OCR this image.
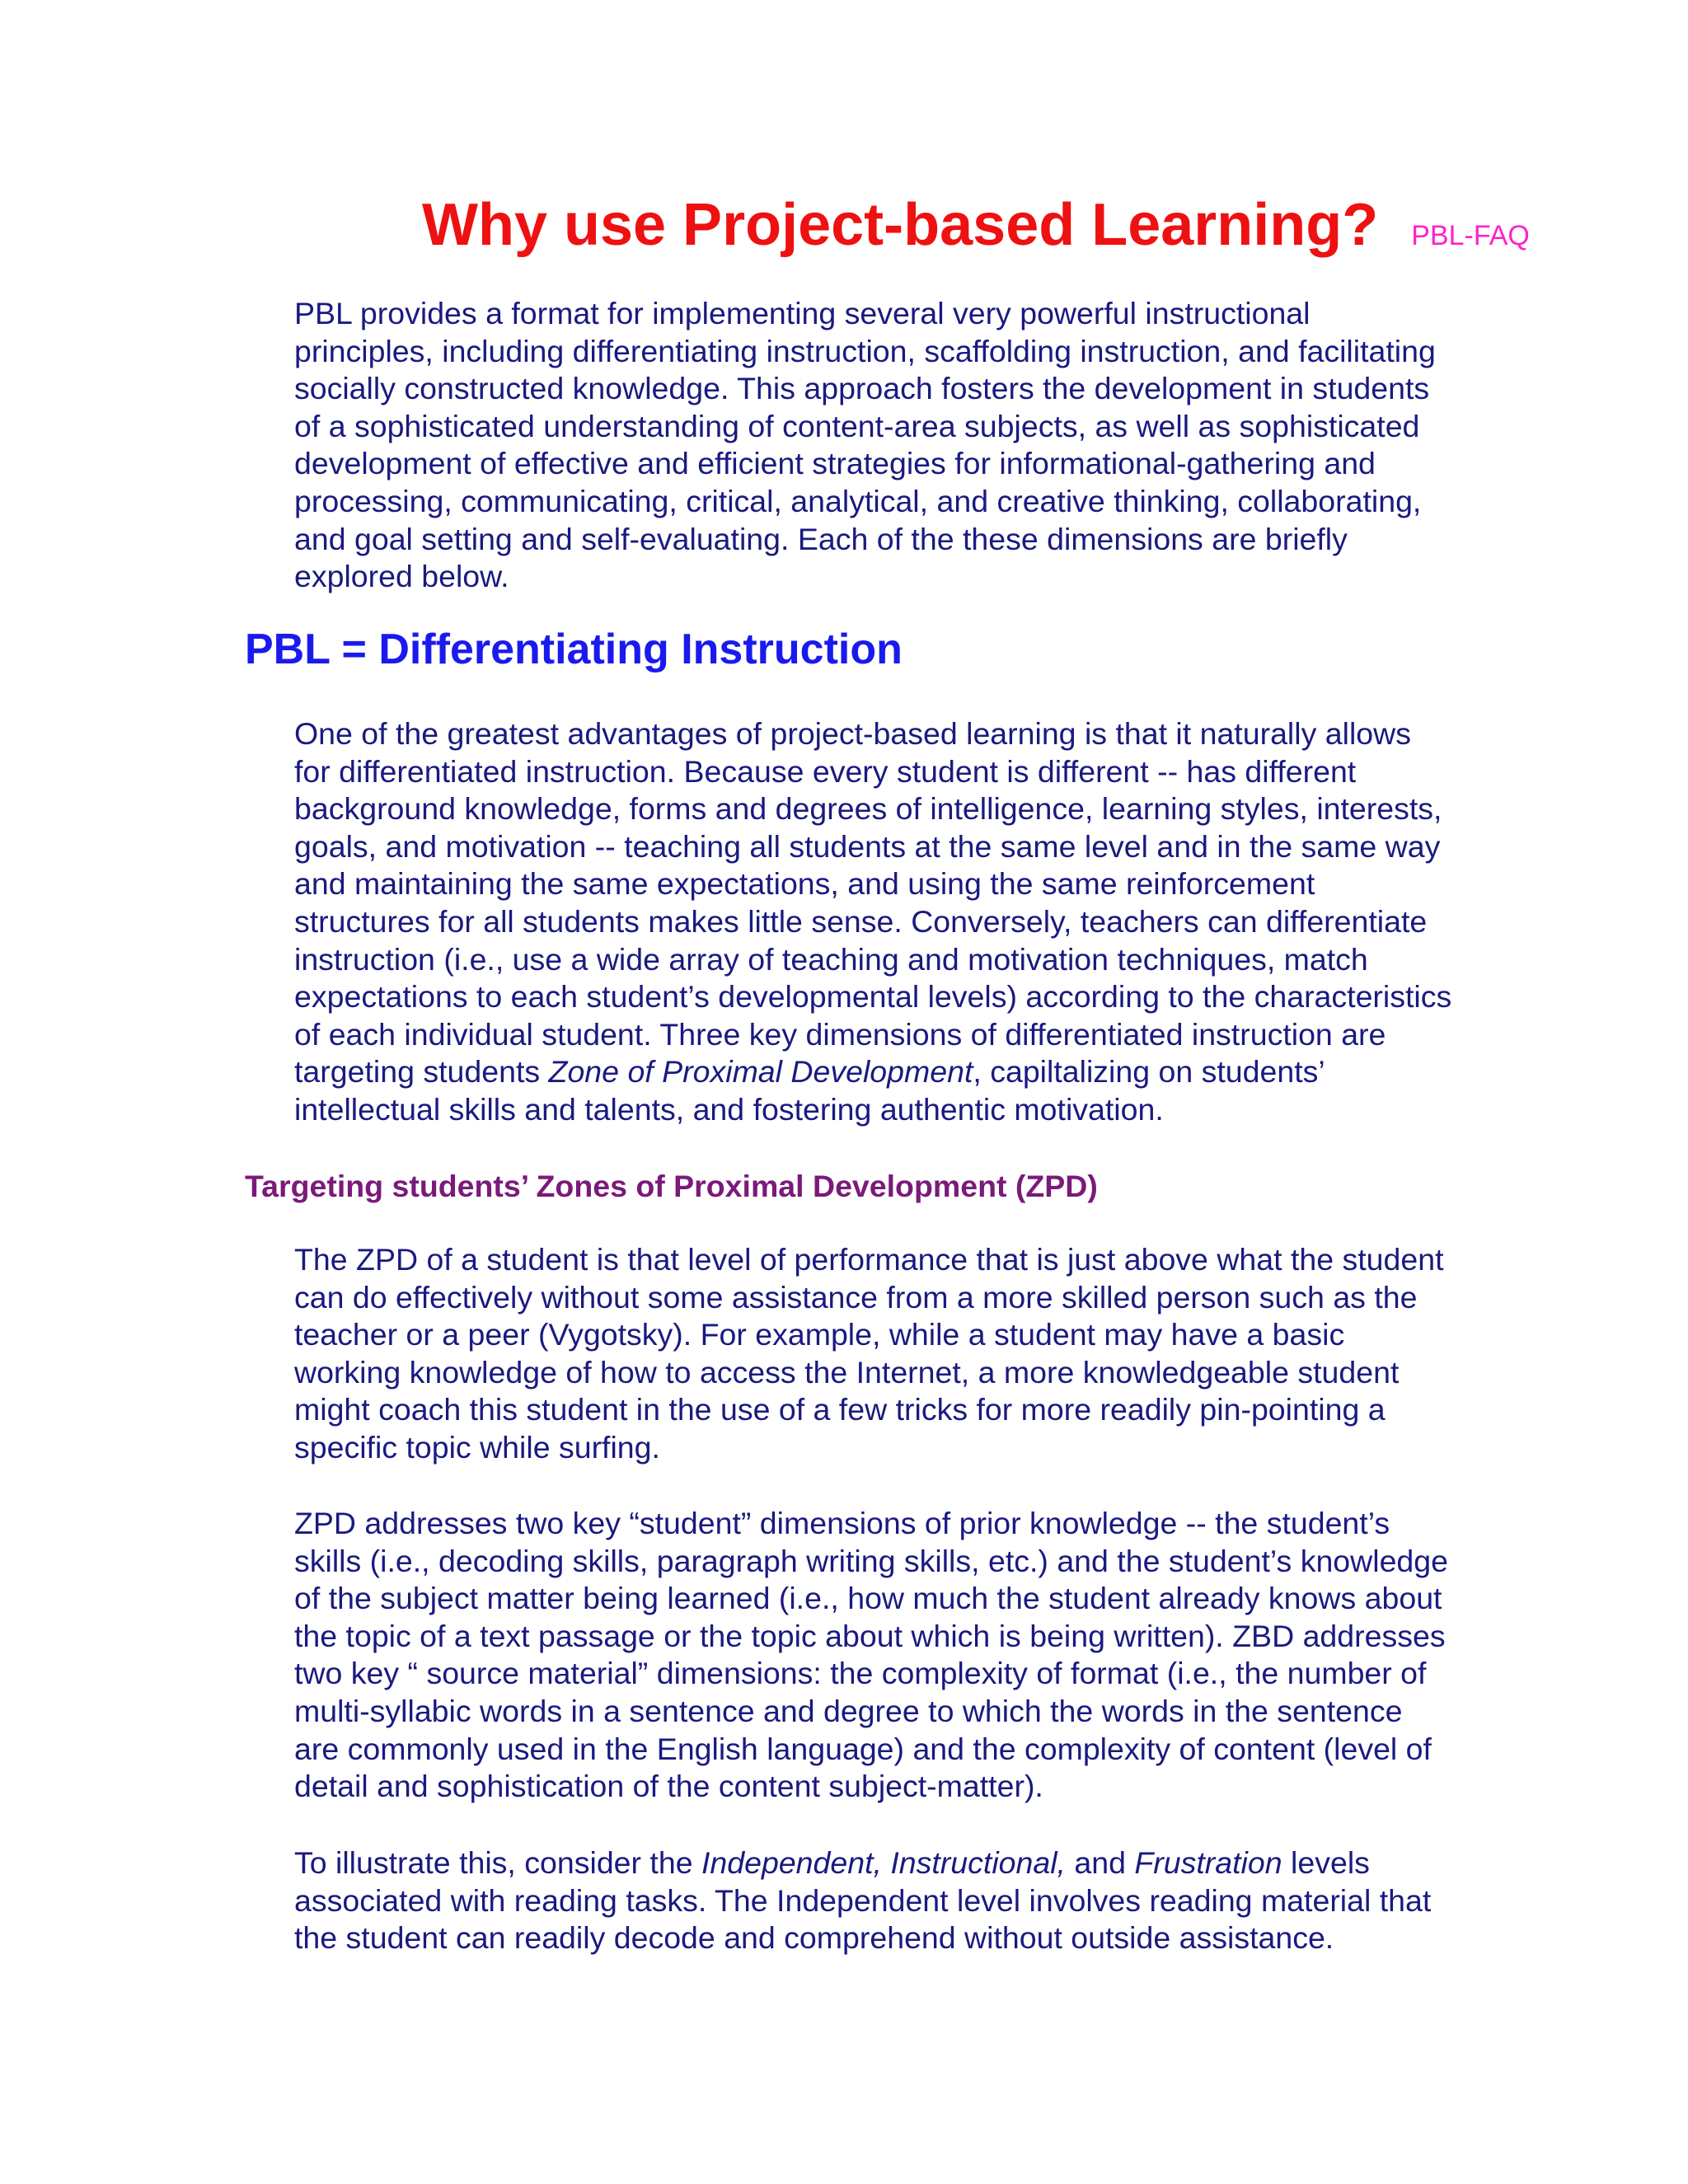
Why use Project-based Learning? PBL-FAQ

PBL provides a format for implementing several very powerful instructional
principles, including differentiating instruction, scaffolding instruction, and facilitating
socially constructed knowledge. This approach fosters the development in students
of a sophisticated understanding of content-area subjects, as well as sophisticated
development of effective and efficient strategies for informational-gathering and
processing, communicating, critical, analytical, and creative thinking, collaborating,
and goal setting and self-evaluating. Each of the these dimensions are briefly
explored below.

PBL = Differentiating Instruction

One of the greatest advantages of project-based learning is that it naturally allows
for differentiated instruction. Because every student is different -- has different
background knowledge, forms and degrees of intelligence, learning styles, interests,
goals, and motivation -- teaching all students at the same level and in the same way
and maintaining the same expectations, and using the same reinforcement
structures for all students makes little sense. Conversely, teachers can differentiate
instruction (i.e., use a wide array of teaching and motivation techniques, match
expectations to each student’s developmental levels) according to the characteristics
of each individual student. Three key dimensions of differentiated instruction are
targeting students Zone of Proximal Development, capiltalizing on students’
intellectual skills and talents, and fostering authentic motivation.

Targeting students’ Zones of Proximal Development (ZPD)

The ZPD of a student is that level of performance that is just above what the student
can do effectively without some assistance from a more skilled person such as the
teacher or a peer (Vygotsky). For example, while a student may have a basic
working knowledge of how to access the Internet, a more knowledgeable student
might coach this student in the use of a few tricks for more readily pin-pointing a
specific topic while surfing.

ZPD addresses two key “student” dimensions of prior knowledge -- the student’s
skills (i.e., decoding skills, paragraph writing skills, etc.) and the student’s knowledge
of the subject matter being learned (i.e., how much the student already knows about
the topic of a text passage or the topic about which is being written). ZBD addresses
two key “ source material” dimensions: the complexity of format (i.e., the number of
multi-syllabic words in a sentence and degree to which the words in the sentence
are commonly used in the English language) and the complexity of content (level of
detail and sophistication of the content subject-matter).

To illustrate this, consider the Independent, Instructional, and Frustration levels
associated with reading tasks. The Independent level involves reading material that
the student can readily decode and comprehend without outside assistance.
